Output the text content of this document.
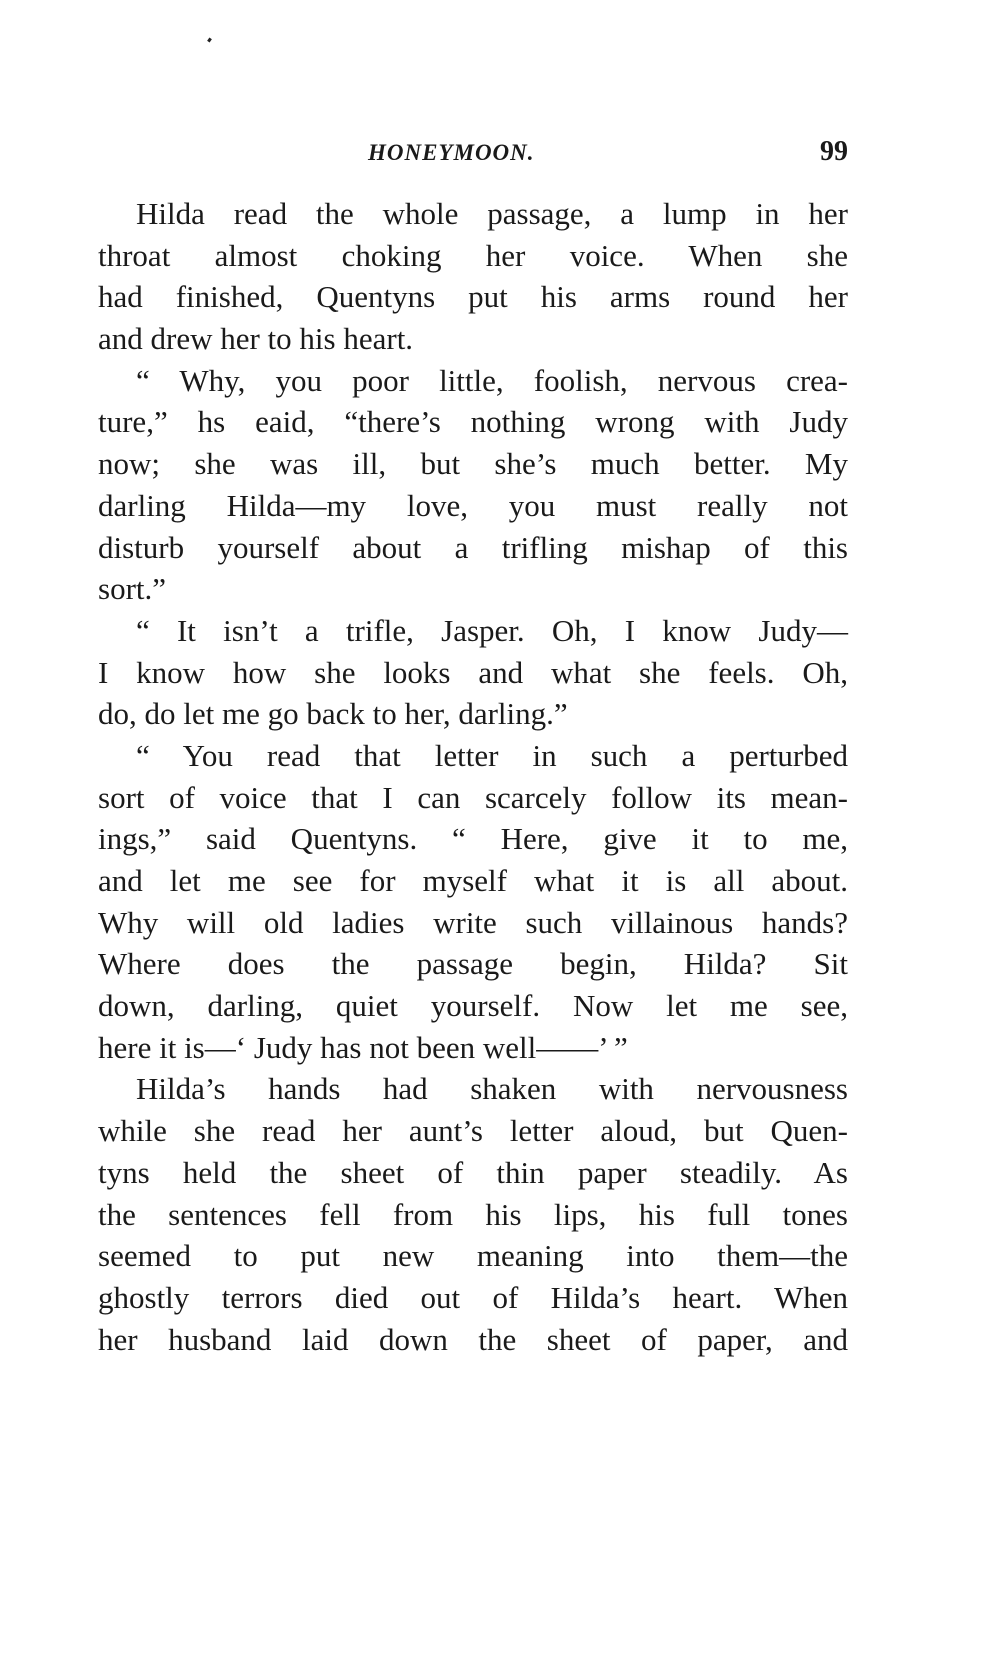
HONEYMOON.	99
Hilda read the whole passage, a lump in her
throat almost choking her voice. When she
had finished, Quentyns put his arms round her
and drew her to his heart.
“ Why, you poor little, foolish, nervous crea-
ture,” hs eaid, “there’s nothing wrong with Judy
now; she was ill, but she’s much better. My
darling Hilda—my love, you must really not
disturb yourself about a trifling mishap of this
sort.”
“ It isn’t a trifle, Jasper. Oh, I know Judy—
I know how she looks and what she feels. Oh,
do, do let me go back to her, darling.”
“ You read that letter in such a perturbed
sort of voice that I can scarcely follow its mean-
ings,” said Quentyns. “ Here, give it to me,
and let me see for myself what it is all about.
Why will old ladies write such villainous hands?
Where does the passage begin, Hilda? Sit
down, darling, quiet yourself. Now let me see,
here it is—‘ Judy has not been well——’ ”
Hilda’s hands had shaken with nervousness
while she read her aunt’s letter aloud, but Quen-
tyns held the sheet of thin paper steadily. As
the sentences fell from his lips, his full tones
seemed to put new meaning into them—the
ghostly terrors died out of Hilda’s heart. When
her husband laid down the sheet of paper, and
